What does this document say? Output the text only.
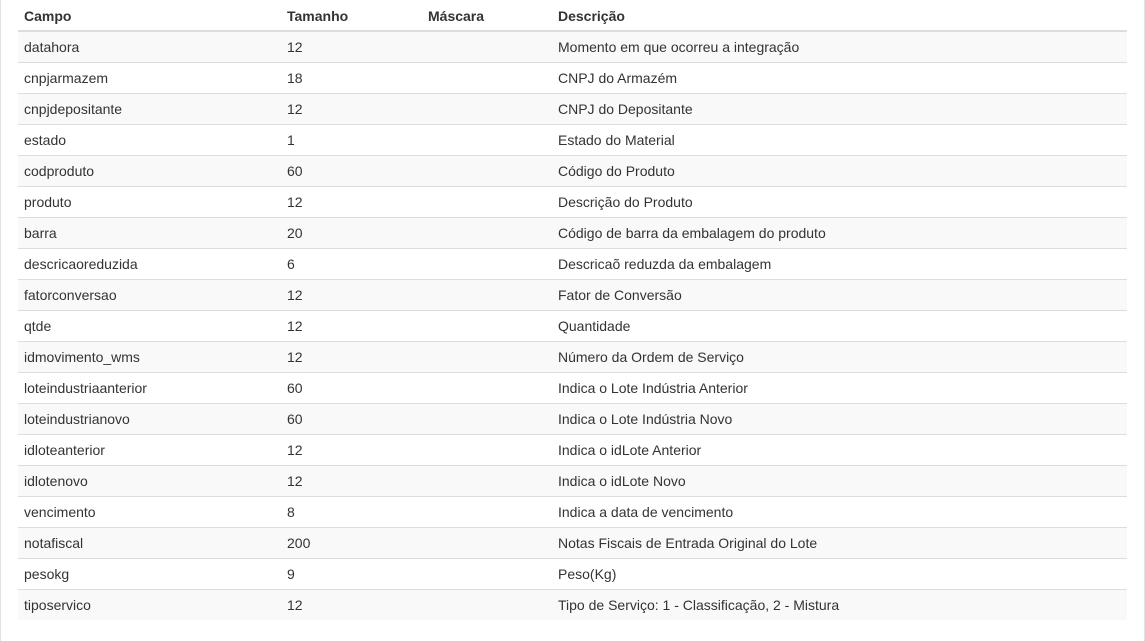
Campo	Tamanho	Máscara	Descrição
datahora	12		Momento em que ocorreu a integração
cnpjarmazem	18		CNPJ do Armazém
cnpjdepositante	12		CNPJ do Depositante
estado	1		Estado do Material
codproduto	60		Código do Produto
produto	12		Descrição do Produto
barra	20		Código de barra da embalagem do produto
descricaoreduzida	6		Descricaõ reduzda da embalagem
fatorconversao	12		Fator de Conversão
qtde	12		Quantidade
idmovimento_wms	12		Número da Ordem de Serviço
loteindustriaanterior	60		Indica o Lote Indústria Anterior
loteindustrianovo	60		Indica o Lote Indústria Novo
idloteanterior	12		Indica o idLote Anterior
idlotenovo	12		Indica o idLote Novo
vencimento	8		Indica a data de vencimento
notafiscal	200		Notas Fiscais de Entrada Original do Lote
pesokg	9		Peso(Kg)
tiposervico	12		Tipo de Serviço: 1 - Classificação, 2 - Mistura
